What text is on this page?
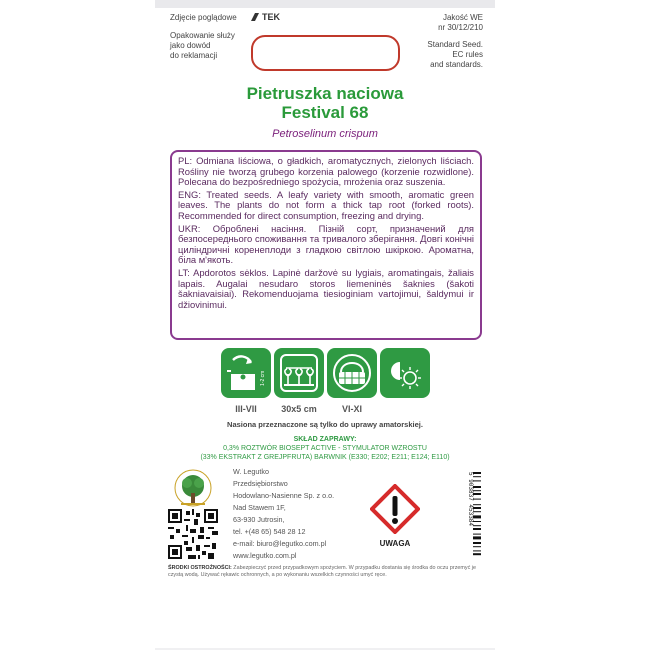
Zdjęcie poglądowe	TEK
Opakowanie służy
jako dowód
do reklamacji
Jakość WE
nr 30/12/210
Standard Seed.
EC rules
and standards.
Pietruszka naciowa
Festival 68
Petroselinum crispum

PL: Odmiana liściowa, o gładkich, aromatycznych, zielonych liściach. Rośliny nie tworzą grubego korzenia palowego (korzenie rozwidlone). Polecana do bezpośredniego spożycia, mrożenia oraz suszenia.

ENG: Treated seeds. A leafy variety with smooth, aromatic green leaves. The plants do not form a thick tap root (forked roots). Recommended for direct consumption, freezing and drying.

UKR: Оброблені насіння. Пізній сорт, призначений для безпосереднього споживання та тривалого зберігання. Довгі конічні циліндричні коренеплоди з гладкою світлою шкіркою. Ароматна, біла м'якоть.

LT: Apdorotos sėklos. Lapinė daržovė su lygiais, aromatingais, žaliais lapais. Augalai nesudaro storos liemeninės šaknies (šakoti šakniavaisiai). Rekomenduojama tiesioginiam vartojimui, šaldymui ir džiovinimui.

1-2 cm
III-VII	30x5 cm	VI-XI
Nasiona przeznaczone są tylko do uprawy amatorskiej.
SKŁAD ZAPRAWY:
0,3% ROZTWÓR BIOSEPT ACTIVE - STYMULATOR WZROSTU
(33% EKSTRAKT Z GREJPFRUTA) BARWNIK (E330; E202; E211; E124; E110)
W. Legutko
Przedsiębiorstwo
Hodowlano-Nasienne Sp. z o.o.
Nad Stawem 1F,
63-930 Jutrosin,
tel. +(48 65) 548 28 12
e-mail: biuro@legutko.com.pl
www.legutko.com.pl
UWAGA
5 903837 453384
ŚRODKI OSTROŻNOŚCI: Zabezpieczyć przed przypadkowym spożyciem. W przypadku dostania się środka do oczu przemyć je czystą wodą. Używać rękawic ochronnych, a po wykonaniu wszelkich czynności umyć ręce.
